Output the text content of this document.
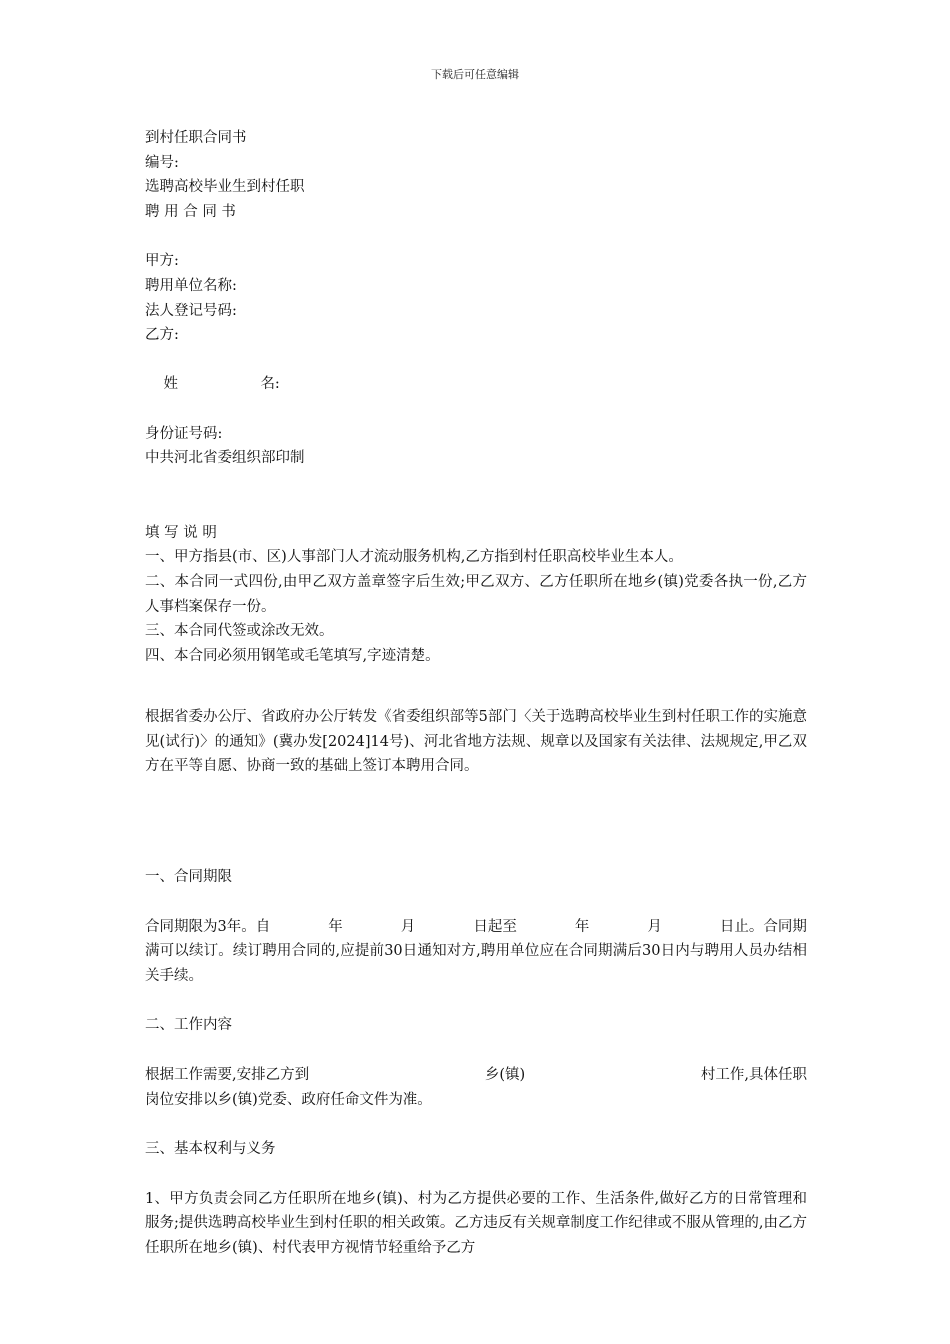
下载后可任意编辑
到村任职合同书
编号:
选聘高校毕业生到村任职
聘 用 合 同 书
甲方:
聘用单位名称:
法人登记号码:
乙方:

姓	名:

身份证号码:
中共河北省委组织部印制
填 写 说 明

一、甲方指县(市、区)人事部门人才流动服务机构,乙方指到村任职高校毕业生本人。

二、本合同一式四份,由甲乙双方盖章签字后生效;甲乙双方、乙方任职所在地乡(镇)党委各执一份,乙方人事档案保存一份。

三、本合同代签或涂改无效。

四、本合同必须用钢笔或毛笔填写,字迹清楚。

根据省委办公厅、省政府办公厅转发《省委组织部等5部门〈关于选聘高校毕业生到村任职工作的实施意见(试行)〉的通知》(冀办发[2024]14号)、河北省地方法规、规章以及国家有关法律、法规规定,甲乙双方在平等自愿、协商一致的基础上签订本聘用合同。

一、合同期限
合同期限为3年。自	年	月	日起至	年	月	日止。合同期

满可以续订。续订聘用合同的,应提前30日通知对方,聘用单位应在合同期满后30日内与聘用人员办结相关手续。

二、工作内容
根据工作需要,安排乙方到	乡(镇)	村工作,具体任职

岗位安排以乡(镇)党委、政府任命文件为准。

三、基本权利与义务

1、甲方负责会同乙方任职所在地乡(镇)、村为乙方提供必要的工作、生活条件,做好乙方的日常管理和服务;提供选聘高校毕业生到村任职的相关政策。乙方违反有关规章制度工作纪律或不服从管理的,由乙方任职所在地乡(镇)、村代表甲方视情节轻重给予乙方
